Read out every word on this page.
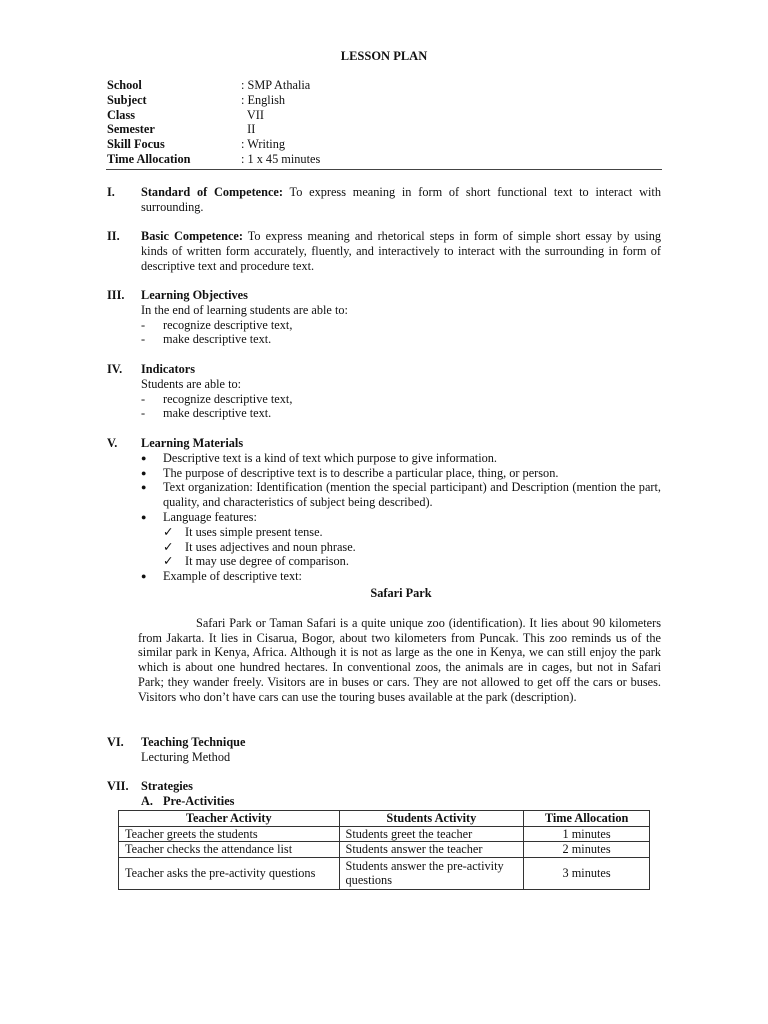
LESSON PLAN
School	: SMP Athalia
Subject	: English
Class	VII
Semester	II
Skill Focus	: Writing
Time Allocation	: 1 x 45 minutes
I.	Standard of Competence: To express meaning in form of short functional text to interact with surrounding.
II.	Basic Competence: To express meaning and rhetorical steps in form of simple short essay by using kinds of written form accurately, fluently, and interactively to interact with the surrounding in form of descriptive text and procedure text.
III.	Learning Objectives
In the end of learning students are able to:
-	recognize descriptive text,
-	make descriptive text.
IV.	Indicators
Students are able to:
-	recognize descriptive text,
-	make descriptive text.
V.	Learning Materials
●	Descriptive text is a kind of text which purpose to give information.
●	The purpose of descriptive text is to describe a particular place, thing, or person.
●	Text organization: Identification (mention the special participant) and Description (mention the part, quality, and characteristics of subject being described).
●	Language features:
✓ It uses simple present tense.
✓ It uses adjectives and noun phrase.
✓ It may use degree of comparison.
●	Example of descriptive text:
Safari Park
Safari Park or Taman Safari is a quite unique zoo (identification). It lies about 90 kilometers from Jakarta. It lies in Cisarua, Bogor, about two kilometers from Puncak. This zoo reminds us of the similar park in Kenya, Africa. Although it is not as large as the one in Kenya, we can still enjoy the park which is about one hundred hectares. In conventional zoos, the animals are in cages, but not in Safari Park; they wander freely. Visitors are in buses or cars. They are not allowed to get off the cars or buses. Visitors who don’t have cars can use the touring buses available at the park (description).
VI.	Teaching Technique
Lecturing Method
VII.	Strategies
A. Pre-Activities
Teacher Activity	Students Activity	Time Allocation
Teacher greets the students	Students greet the teacher	1 minutes
Teacher checks the attendance list	Students answer the teacher	2 minutes
Teacher asks the pre-activity questions	Students answer the pre-activity questions	3 minutes
